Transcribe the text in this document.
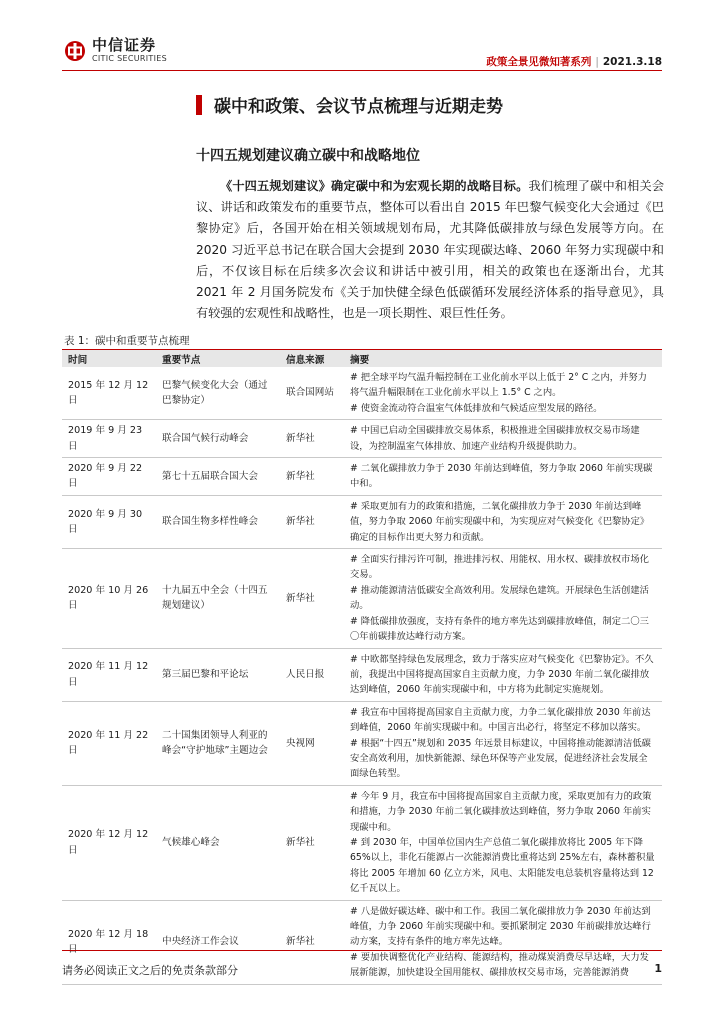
中信证券
CITIC SECURITIES	政策全景见微知著系列 | 2021.3.18
碳中和政策、会议节点梳理与近期走势
十四五规划建议确立碳中和战略地位
《十四五规划建议》确定碳中和为宏观长期的战略目标。我们梳理了碳中和相关会议、讲话和政策发布的重要节点，整体可以看出自 2015 年巴黎气候变化大会通过《巴黎协定》后，各国开始在相关领域规划布局，尤其降低碳排放与绿色发展等方向。在 2020 习近平总书记在联合国大会提到 2030 年实现碳达峰、2060 年努力实现碳中和后，不仅该目标在后续多次会议和讲话中被引用，相关的政策也在逐渐出台，尤其 2021 年 2 月国务院发布《关于加快健全绿色低碳循环发展经济体系的指导意见》，具有较强的宏观性和战略性，也是一项长期性、艰巨性任务。
表 1：碳中和重要节点梳理
时间	重要节点	信息来源	摘要
2015 年 12 月 12 日	巴黎气候变化大会（通过巴黎协定）	联合国网站	# 把全球平均气温升幅控制在工业化前水平以上低于 2° C 之内，并努力将气温升幅限制在工业化前水平以上 1.5° C 之内。
# 使资金流动符合温室气体低排放和气候适应型发展的路径。

2019 年 9 月 23 日	联合国气候行动峰会	新华社	# 中国已启动全国碳排放交易体系，积极推进全国碳排放权交易市场建设，为控制温室气体排放、加速产业结构升级提供助力。

2020 年 9 月 22 日	第七十五届联合国大会	新华社	# 二氧化碳排放力争于 2030 年前达到峰值，努力争取 2060 年前实现碳中和。

2020 年 9 月 30 日	联合国生物多样性峰会	新华社	# 采取更加有力的政策和措施，二氧化碳排放力争于 2030 年前达到峰值，努力争取 2060 年前实现碳中和，为实现应对气候变化《巴黎协定》确定的目标作出更大努力和贡献。

2020 年 10 月 26 日	十九届五中全会（十四五规划建议）	新华社	# 全面实行排污许可制，推进排污权、用能权、用水权、碳排放权市场化交易。
# 推动能源清洁低碳安全高效利用。发展绿色建筑。开展绿色生活创建活动。
# 降低碳排放强度，支持有条件的地方率先达到碳排放峰值，制定二〇三〇年前碳排放达峰行动方案。

2020 年 11 月 12 日	第三届巴黎和平论坛	人民日报	# 中欧都坚持绿色发展理念，致力于落实应对气候变化《巴黎协定》。不久前，我提出中国将提高国家自主贡献力度，力争 2030 年前二氧化碳排放达到峰值，2060 年前实现碳中和，中方将为此制定实施规划。

2020 年 11 月 22 日	二十国集团领导人利亚的峰会“守护地球”主题边会	央视网	# 我宣布中国将提高国家自主贡献力度，力争二氧化碳排放 2030 年前达到峰值，2060 年前实现碳中和。中国言出必行，将坚定不移加以落实。
# 根据“十四五”规划和 2035 年远景目标建议，中国将推动能源清洁低碳安全高效利用，加快新能源、绿色环保等产业发展，促进经济社会发展全面绿色转型。

2020 年 12 月 12 日	气候雄心峰会	新华社	# 今年 9 月，我宣布中国将提高国家自主贡献力度，采取更加有力的政策和措施，力争 2030 年前二氧化碳排放达到峰值，努力争取 2060 年前实现碳中和。
# 到 2030 年，中国单位国内生产总值二氧化碳排放将比 2005 年下降 65%以上，非化石能源占一次能源消费比重将达到 25%左右，森林蓄积量将比 2005 年增加 60 亿立方米，风电、太阳能发电总装机容量将达到 12 亿千瓦以上。

2020 年 12 月 18 日	中央经济工作会议	新华社	# 八是做好碳达峰、碳中和工作。我国二氧化碳排放力争 2030 年前达到峰值，力争 2060 年前实现碳中和。要抓紧制定 2030 年前碳排放达峰行动方案，支持有条件的地方率先达峰。
# 要加快调整优化产业结构、能源结构，推动煤炭消费尽早达峰，大力发展新能源，加快建设全国用能权、碳排放权交易市场，完善能源消费
请务必阅读正文之后的免责条款部分	1
